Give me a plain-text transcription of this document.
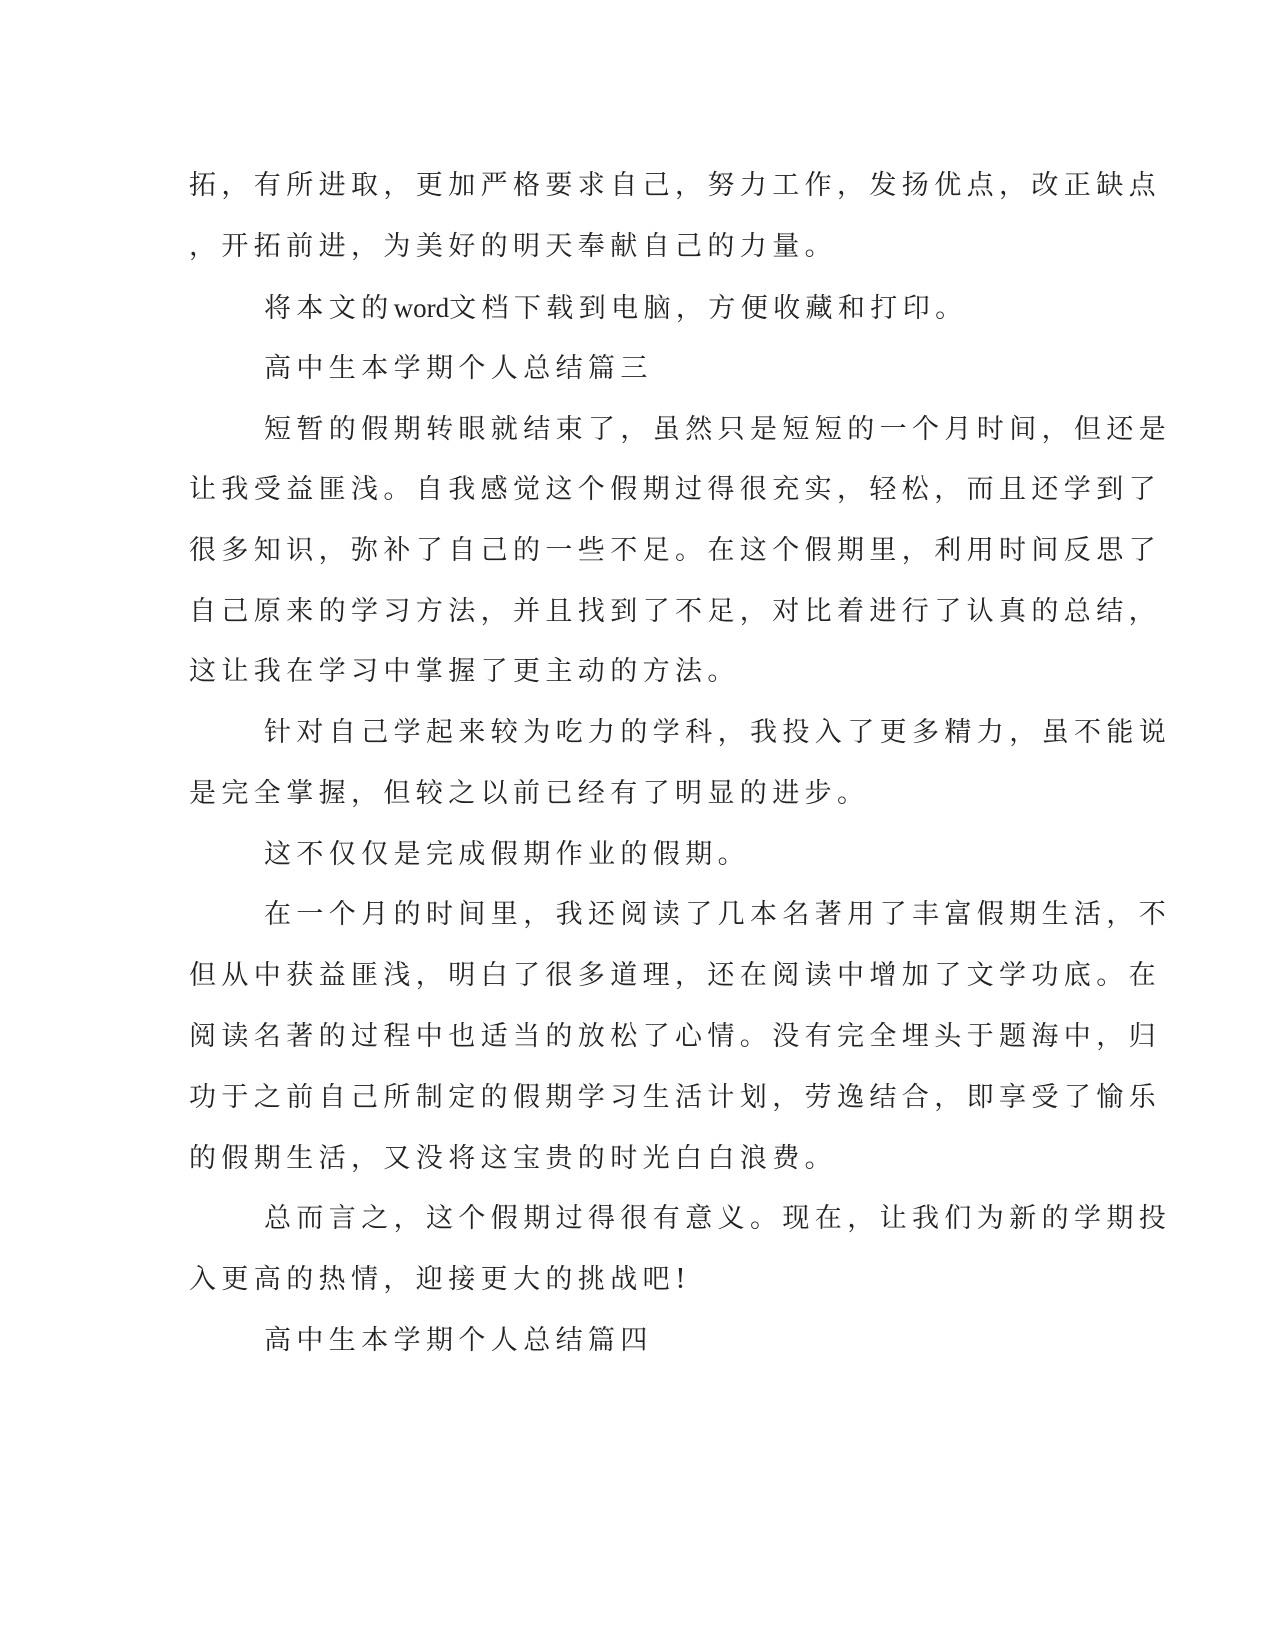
拓，有所进取，更加严格要求自己，努力工作，发扬优点，改正缺点
，开拓前进，为美好的明天奉献自己的力量。
将本文的word文档下载到电脑，方便收藏和打印。
高中生本学期个人总结篇三
短暂的假期转眼就结束了，虽然只是短短的一个月时间，但还是
让我受益匪浅。自我感觉这个假期过得很充实，轻松，而且还学到了
很多知识，弥补了自己的一些不足。在这个假期里，利用时间反思了
自己原来的学习方法，并且找到了不足，对比着进行了认真的总结，
这让我在学习中掌握了更主动的方法。
针对自己学起来较为吃力的学科，我投入了更多精力，虽不能说
是完全掌握，但较之以前已经有了明显的进步。
这不仅仅是完成假期作业的假期。
在一个月的时间里，我还阅读了几本名著用了丰富假期生活，不
但从中获益匪浅，明白了很多道理，还在阅读中增加了文学功底。在
阅读名著的过程中也适当的放松了心情。没有完全埋头于题海中，归
功于之前自己所制定的假期学习生活计划，劳逸结合，即享受了愉乐
的假期生活，又没将这宝贵的时光白白浪费。
总而言之，这个假期过得很有意义。现在，让我们为新的学期投
入更高的热情，迎接更大的挑战吧!
高中生本学期个人总结篇四
